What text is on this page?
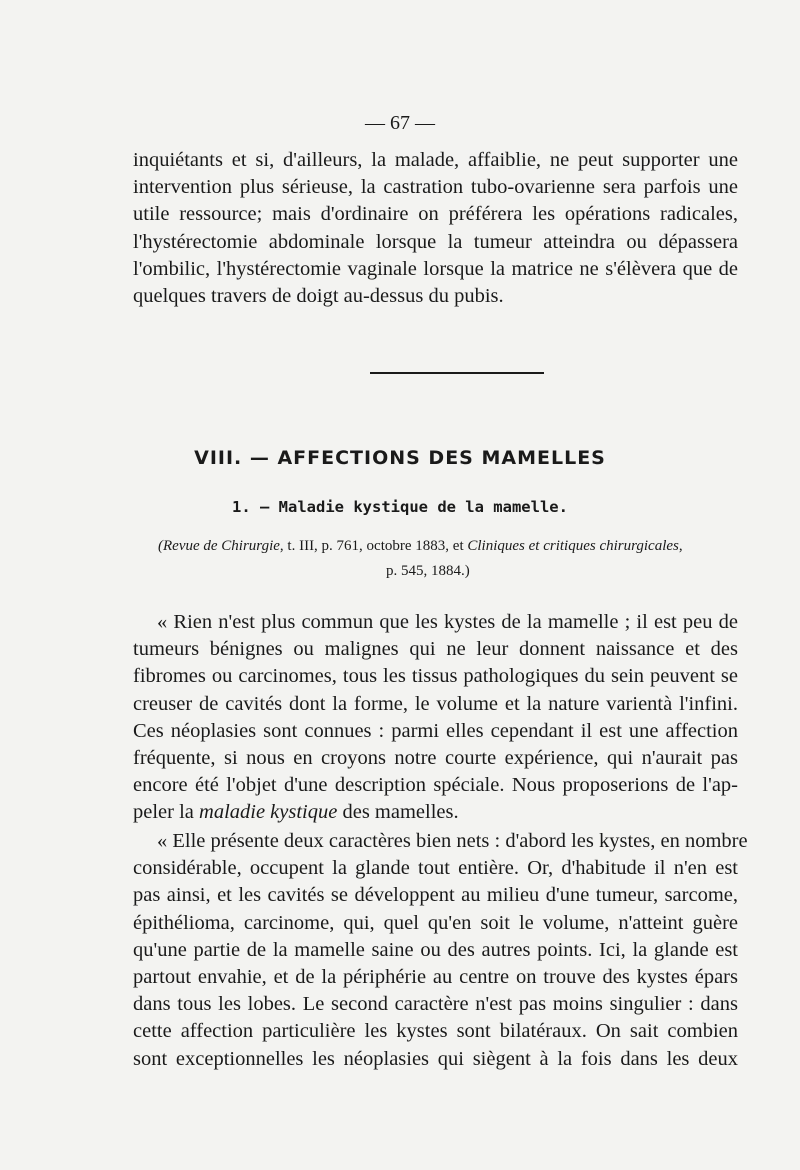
— 67 —
inquiétants et si, d'ailleurs, la malade, affaiblie, ne peut supporter une
intervention plus sérieuse, la castration tubo-ovarienne sera parfois une
utile ressource; mais d'ordinaire on préférera les opérations radicales,
l'hystérectomie abdominale lorsque la tumeur atteindra ou dépassera
l'ombilic, l'hystérectomie vaginale lorsque la matrice ne s'élèvera que de
quelques travers de doigt au-dessus du pubis.
VIII. — AFFECTIONS DES MAMELLES
1. — Maladie kystique de la mamelle.
(Revue de Chirurgie, t. III, p. 761, octobre 1883, et Cliniques et critiques chirurgicales,
p. 545, 1884.)
« Rien n'est plus commun que les kystes de la mamelle ; il est peu de
tumeurs bénignes ou malignes qui ne leur donnent naissance et des
fibromes ou carcinomes, tous les tissus pathologiques du sein peuvent se
creuser de cavités dont la forme, le volume et la nature varientà l'infini.
Ces néoplasies sont connues : parmi elles cependant il est une affection
fréquente, si nous en croyons notre courte expérience, qui n'aurait pas
encore été l'objet d'une description spéciale. Nous proposerions de l'ap-
peler la maladie kystique des mamelles.
« Elle présente deux caractères bien nets : d'abord les kystes, en nombre
considérable, occupent la glande tout entière. Or, d'habitude il n'en est
pas ainsi, et les cavités se développent au milieu d'une tumeur, sarcome,
épithélioma, carcinome, qui, quel qu'en soit le volume, n'atteint guère
qu'une partie de la mamelle saine ou des autres points. Ici, la glande est
partout envahie, et de la périphérie au centre on trouve des kystes épars
dans tous les lobes. Le second caractère n'est pas moins singulier : dans
cette affection particulière les kystes sont bilatéraux. On sait combien
sont exceptionnelles les néoplasies qui siègent à la fois dans les deux
